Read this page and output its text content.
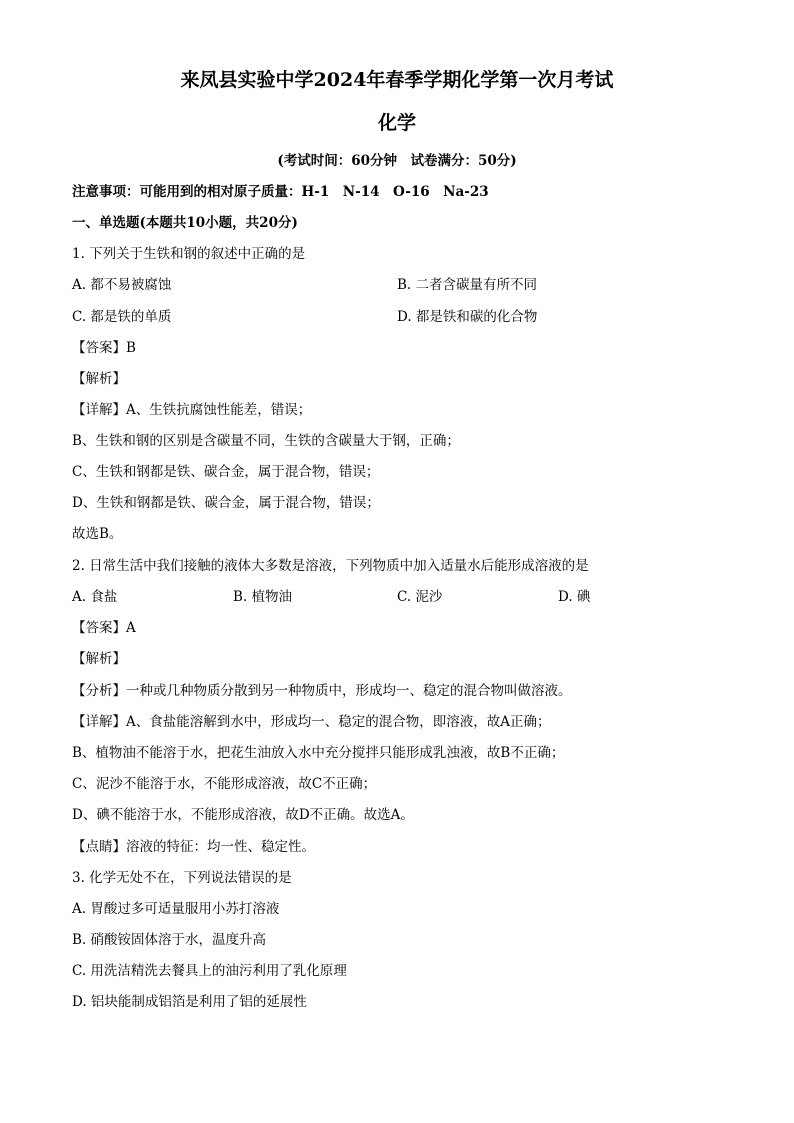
来凤县实验中学2024年春季学期化学第一次月考试
化学
(考试时间：60分钟　试卷满分：50分)
注意事项：可能用到的相对原子质量：H-1　N-14　O-16　Na-23
一、单选题(本题共10小题，共20分)
1. 下列关于生铁和钢的叙述中正确的是
A. 都不易被腐蚀	B. 二者含碳量有所不同
C. 都是铁的单质	D. 都是铁和碳的化合物
【答案】B
【解析】
【详解】A、生铁抗腐蚀性能差，错误；
B、生铁和钢的区别是含碳量不同，生铁的含碳量大于钢，正确；
C、生铁和钢都是铁、碳合金，属于混合物，错误；
D、生铁和钢都是铁、碳合金，属于混合物，错误；
故选B。
2. 日常生活中我们接触的液体大多数是溶液，下列物质中加入适量水后能形成溶液的是
A. 食盐	B. 植物油	C. 泥沙	D. 碘
【答案】A
【解析】
【分析】一种或几种物质分散到另一种物质中，形成均一、稳定的混合物叫做溶液。
【详解】A、食盐能溶解到水中，形成均一、稳定的混合物，即溶液，故A正确；
B、植物油不能溶于水，把花生油放入水中充分搅拌只能形成乳浊液，故B不正确；
C、泥沙不能溶于水，不能形成溶液，故C不正确；
D、碘不能溶于水，不能形成溶液，故D不正确。故选A。
【点睛】溶液的特征：均一性、稳定性。
3. 化学无处不在，下列说法错误的是
A. 胃酸过多可适量服用小苏打溶液
B. 硝酸铵固体溶于水，温度升高
C. 用洗洁精洗去餐具上的油污利用了乳化原理
D. 铝块能制成铝箔是利用了铝的延展性
